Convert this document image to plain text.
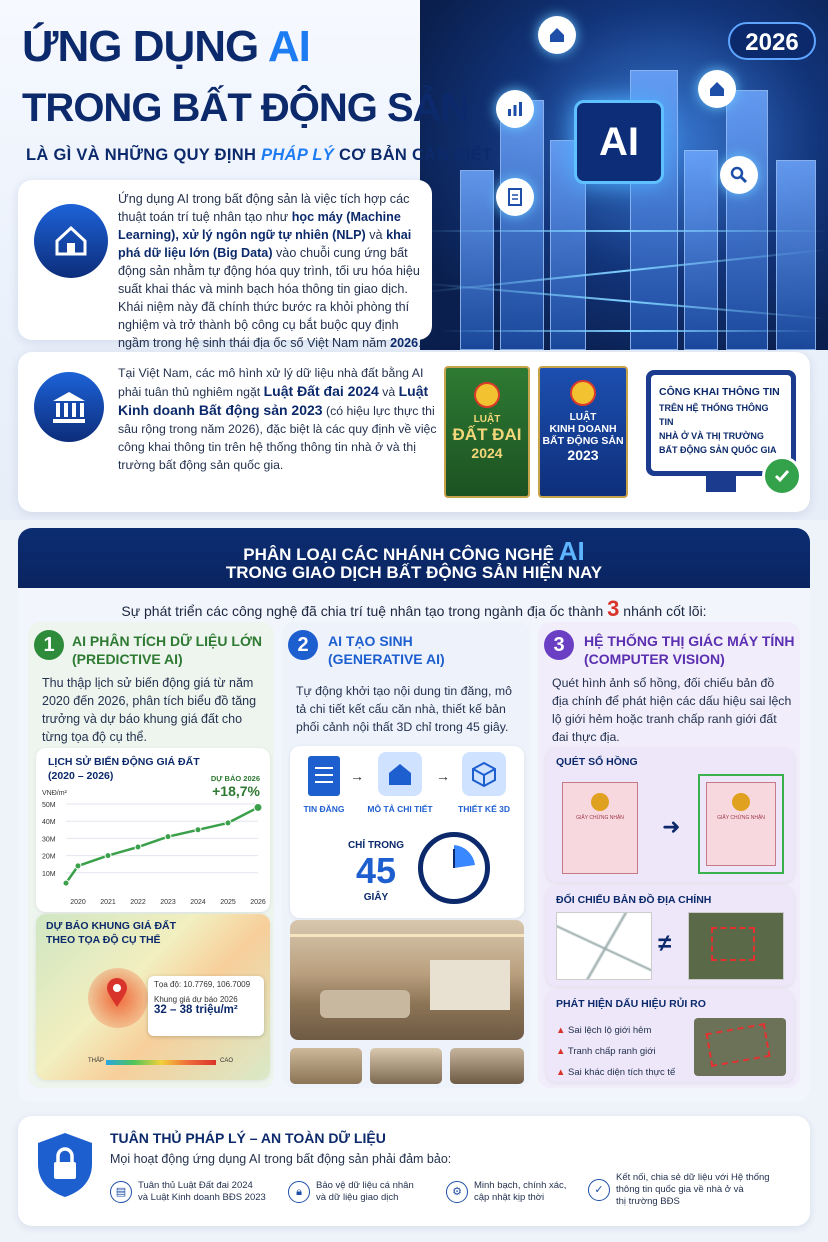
AI
2026
ỨNG DỤNG AI
TRONG BẤT ĐỘNG SẢN
LÀ GÌ VÀ NHỮNG QUY ĐỊNH PHÁP LÝ CƠ BẢN CẦN BIẾT
Ứng dụng AI trong bất động sản là việc tích hợp các thuật toán trí tuệ nhân tạo như học máy (Machine Learning), xử lý ngôn ngữ tự nhiên (NLP) và khai phá dữ liệu lớn (Big Data) vào chuỗi cung ứng bất động sản nhằm tự động hóa quy trình, tối ưu hóa hiệu suất khai thác và minh bạch hóa thông tin giao dịch. Khái niệm này đã chính thức bước ra khỏi phòng thí nghiệm và trở thành bộ công cụ bắt buộc quy định ngầm trong hệ sinh thái địa ốc số Việt Nam năm 2026.
Tại Việt Nam, các mô hình xử lý dữ liệu nhà đất bằng AI phải tuân thủ nghiêm ngặt Luật Đất đai 2024 và Luật Kinh doanh Bất động sản 2023 (có hiệu lực thực thi sâu rộng trong năm 2026), đặc biệt là các quy định về việc công khai thông tin trên hệ thống thông tin nhà ở và thị trường bất động sản quốc gia.
LUẬT
ĐẤT ĐAI
2024
LUẬT
KINH DOANH
BẤT ĐỘNG SẢN
2023
CÔNG KHAI THÔNG TIN
TRÊN HỆ THỐNG THÔNG TIN
NHÀ Ở VÀ THỊ TRƯỜNG
BẤT ĐỘNG SẢN QUỐC GIA
PHÂN LOẠI CÁC NHÁNH CÔNG NGHỆ AI
TRONG GIAO DỊCH BẤT ĐỘNG SẢN HIỆN NAY
Sự phát triển các công nghệ đã chia trí tuệ nhân tạo trong ngành địa ốc thành 3 nhánh cốt lõi:
1	AI PHÂN TÍCH DỮ LIỆU LỚN
(PREDICTIVE AI)
Thu thập lịch sử biến động giá từ năm 2020 đến 2026, phân tích biểu đồ tăng trưởng và dự báo khung giá đất cho từng tọa độ cụ thể.
LỊCH SỬ BIẾN ĐỘNG GIÁ ĐẤT
(2020 – 2026)	DỰ BÁO 2026
+18,7%
VNĐ/m²
10M
20M
30M
40M
50M
2020 2021 2022 2023 2024 2025 2026
DỰ BÁO KHUNG GIÁ ĐẤT
THEO TỌA ĐỘ CỤ THỂ
Tọa độ: 10.7769, 106.7009
Khung giá dự báo 2026
32 – 38 triệu/m²
THẤP	CAO
2	AI TẠO SINH
(GENERATIVE AI)
Tự động khởi tạo nội dung tin đăng, mô tả chi tiết kết cấu căn nhà, thiết kế bản phối cảnh nội thất 3D chỉ trong 45 giây.
→	→
TIN ĐĂNG	MÔ TẢ CHI TIẾT	THIẾT KẾ 3D
CHỈ TRONG
45
GIÂY
3	HỆ THỐNG THỊ GIÁC MÁY TÍNH
(COMPUTER VISION)
Quét hình ảnh sổ hồng, đối chiếu bản đồ địa chính để phát hiện các dấu hiệu sai lệch lộ giới hẻm hoặc tranh chấp ranh giới đất đai thực địa.
QUÉT SỔ HỒNG
GIẤY CHỨNG NHẬN	➜	GIẤY CHỨNG NHẬN
ĐỐI CHIẾU BẢN ĐỒ ĐỊA CHÍNH
≠
PHÁT HIỆN DẤU HIỆU RỦI RO
▲ Sai lệch lộ giới hẻm
▲ Tranh chấp ranh giới
▲ Sai khác diện tích thực tế
TUÂN THỦ PHÁP LÝ – AN TOÀN DỮ LIỆU
Mọi hoạt động ứng dụng AI trong bất động sản phải đảm bảo:
▤
Tuân thủ Luật Đất đai 2024
và Luật Kinh doanh BĐS 2023	🔒︎
Bảo vệ dữ liệu cá nhân
và dữ liệu giao dịch	⚙
Minh bạch, chính xác,
cập nhật kịp thời
✓
Kết nối, chia sẻ dữ liệu với Hệ thống
thông tin quốc gia về nhà ở và
thị trường BĐS
